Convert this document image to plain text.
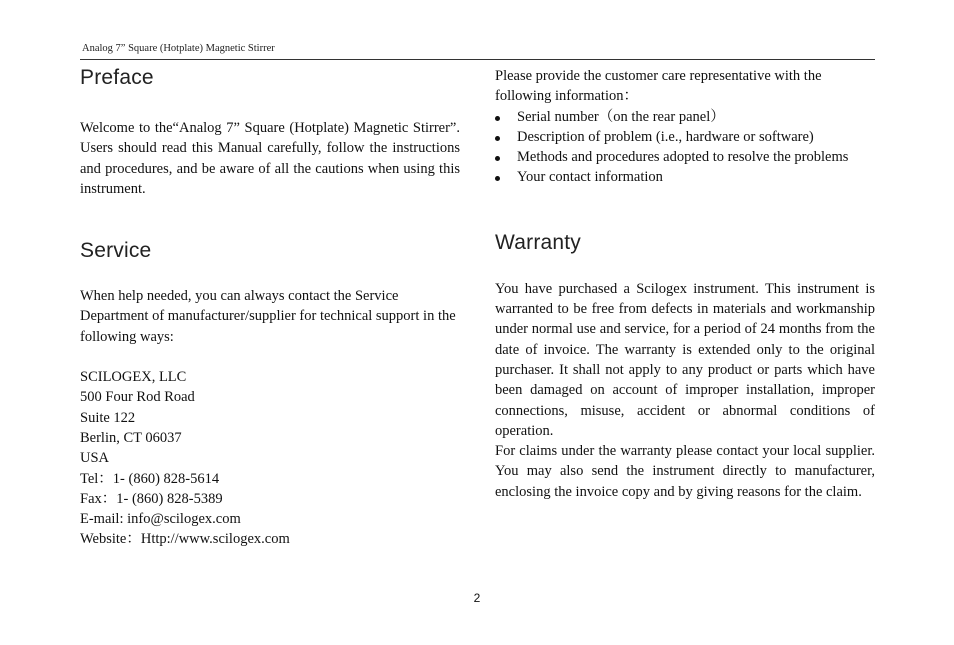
Analog 7” Square (Hotplate) Magnetic Stirrer
Preface

Welcome to the“Analog 7” Square (Hotplate) Magnetic Stirrer”. Users should read this Manual carefully, follow the instructions and procedures, and be aware of all the cautions when using this instrument.

Service

When help needed, you can always contact the Service Department of manufacturer/supplier for technical support in the following ways:

SCILOGEX, LLC
500 Four Rod Road
Suite 122
Berlin, CT 06037
USA
Tel：1- (860) 828-5614
Fax：1- (860) 828-5389
E-mail: info@scilogex.com
Website：Http://www.scilogex.com

Please provide the customer care representative with the following information：

Serial number（on the rear panel）
Description of problem (i.e., hardware or software)
Methods and procedures adopted to resolve the problems
Your contact information
Warranty

You have purchased a Scilogex instrument. This instrument is warranted to be free from defects in materials and workmanship under normal use and service, for a period of 24 months from the date of invoice. The warranty is extended only to the original purchaser. It shall not apply to any product or parts which have been damaged on account of improper installation, improper connections, misuse, accident or abnormal conditions of operation.

For claims under the warranty please contact your local supplier. You may also send the instrument directly to manufacturer, enclosing the invoice copy and by giving reasons for the claim.

2
